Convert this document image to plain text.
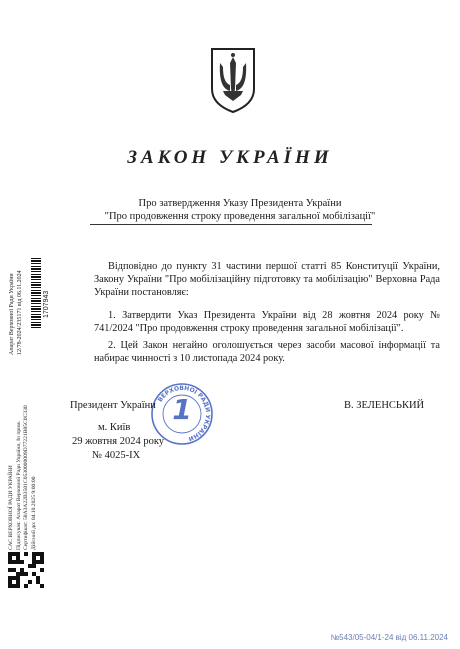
ЗАКОН УКРАЇНИ
Про затвердження Указу Президента України
"Про продовження строку проведення загальної мобілізації"
Відповідно до пункту 31 частини першої статті 85 Конституції України, Закону України "Про мобілізаційну підготовку та мобілізацію" Верховна Рада України постановляє:
1. Затвердити Указ Президента України від 28 жовтня 2024 року № 741/2024 "Про продовження строку проведення загальної мобілізації".
2. Цей Закон негайно оголошується через засоби масової інформації та набирає чинності з 10 листопада 2024 року.
ВЕРХОВНОЇ РАДИ УКРАЇНИ
1
Президент України	В. ЗЕЛЕНСЬКИЙ
м. Київ
29 жовтня 2024 року
№ 4025-IX
Апарат Верховної Ради України 12/78-2024/235171 від 06.11.2024	1707943
САС ВЕРХОВНОЇ РАДИ УКРАЇНИ Підписувач: Апарат Верховної Ради України, Ін прим. Сертифікат: 58A3A22B3501C0530000009D77221B85C0C330 Дійсний до: 04.10.2025 9:00:00
№543/05-04/1-24 від 06.11.2024
